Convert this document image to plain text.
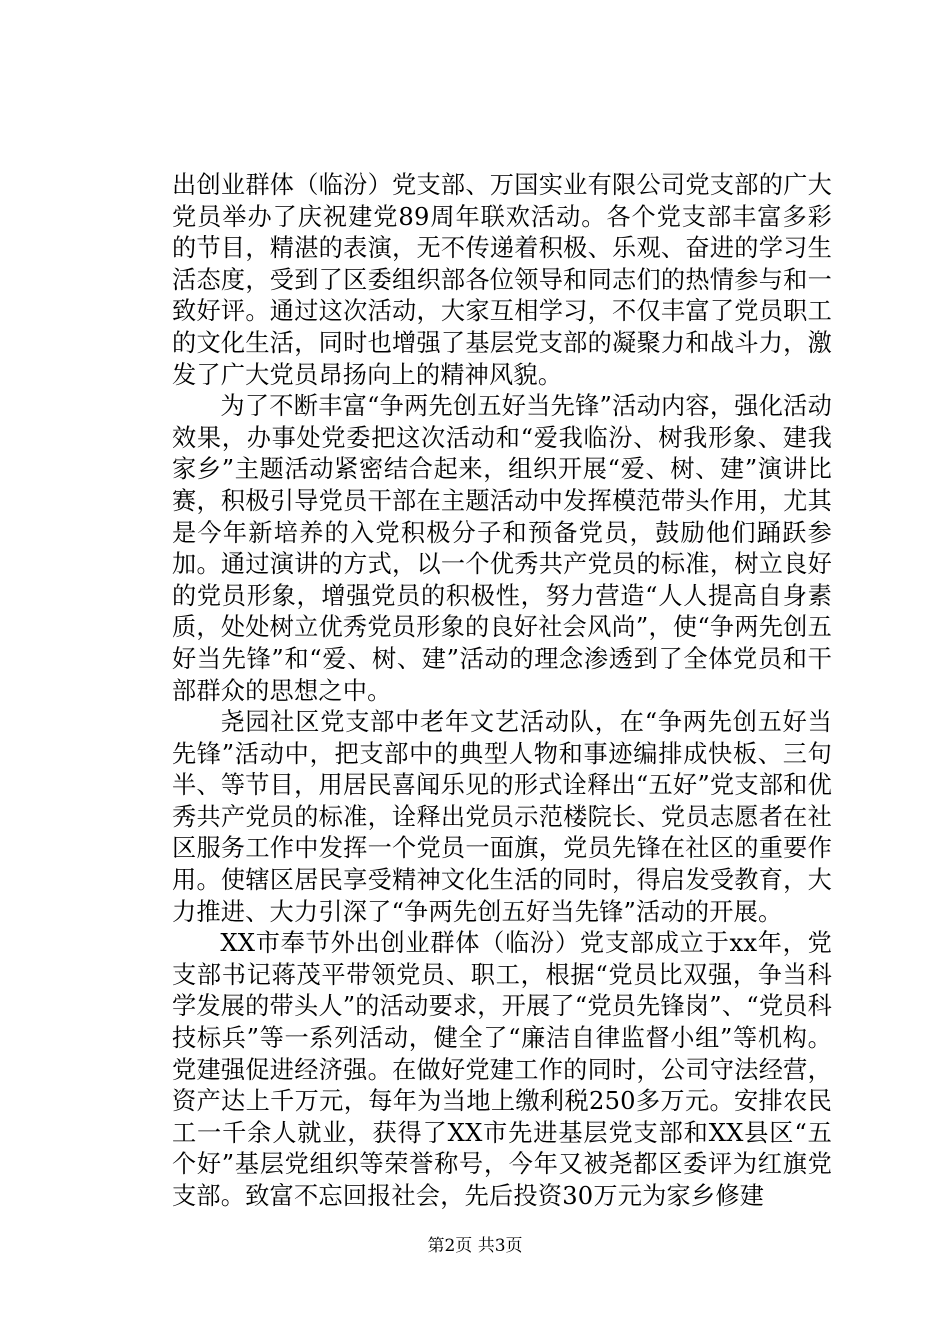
出创业群体（临汾）党支部、万国实业有限公司党支部的广大党员举办了庆祝建党89周年联欢活动。各个党支部丰富多彩的节目，精湛的表演，无不传递着积极、乐观、奋进的学习生活态度，受到了区委组织部各位领导和同志们的热情参与和一致好评。通过这次活动，大家互相学习，不仅丰富了党员职工的文化生活，同时也增强了基层党支部的凝聚力和战斗力，激发了广大党员昂扬向上的精神风貌。

为了不断丰富“争两先创五好当先锋”活动内容，强化活动效果，办事处党委把这次活动和“爱我临汾、树我形象、建我家乡”主题活动紧密结合起来，组织开展“爱、树、建”演讲比赛，积极引导党员干部在主题活动中发挥模范带头作用，尤其是今年新培养的入党积极分子和预备党员，鼓励他们踊跃参加。通过演讲的方式，以一个优秀共产党员的标准，树立良好的党员形象，增强党员的积极性，努力营造“人人提高自身素质，处处树立优秀党员形象的良好社会风尚”，使“争两先创五好当先锋”和“爱、树、建”活动的理念渗透到了全体党员和干部群众的思想之中。

尧园社区党支部中老年文艺活动队，在“争两先创五好当先锋”活动中，把支部中的典型人物和事迹编排成快板、三句半、等节目，用居民喜闻乐见的形式诠释出“五好”党支部和优秀共产党员的标准，诠释出党员示范楼院长、党员志愿者在社区服务工作中发挥一个党员一面旗，党员先锋在社区的重要作用。使辖区居民享受精神文化生活的同时，得启发受教育，大力推进、大力引深了“争两先创五好当先锋”活动的开展。

XX市奉节外出创业群体（临汾）党支部成立于xx年，党支部书记蒋茂平带领党员、职工，根据“党员比双强，争当科学发展的带头人”的活动要求，开展了“党员先锋岗”、“党员科技标兵”等一系列活动，健全了“廉洁自律监督小组”等机构。党建强促进经济强。在做好党建工作的同时，公司守法经营，资产达上千万元，每年为当地上缴利税250多万元。安排农民工一千余人就业，获得了XX市先进基层党支部和XX县区“五个好”基层党组织等荣誉称号，今年又被尧都区委评为红旗党支部。致富不忘回报社会，先后投资30万元为家乡修建

第2页 共3页
